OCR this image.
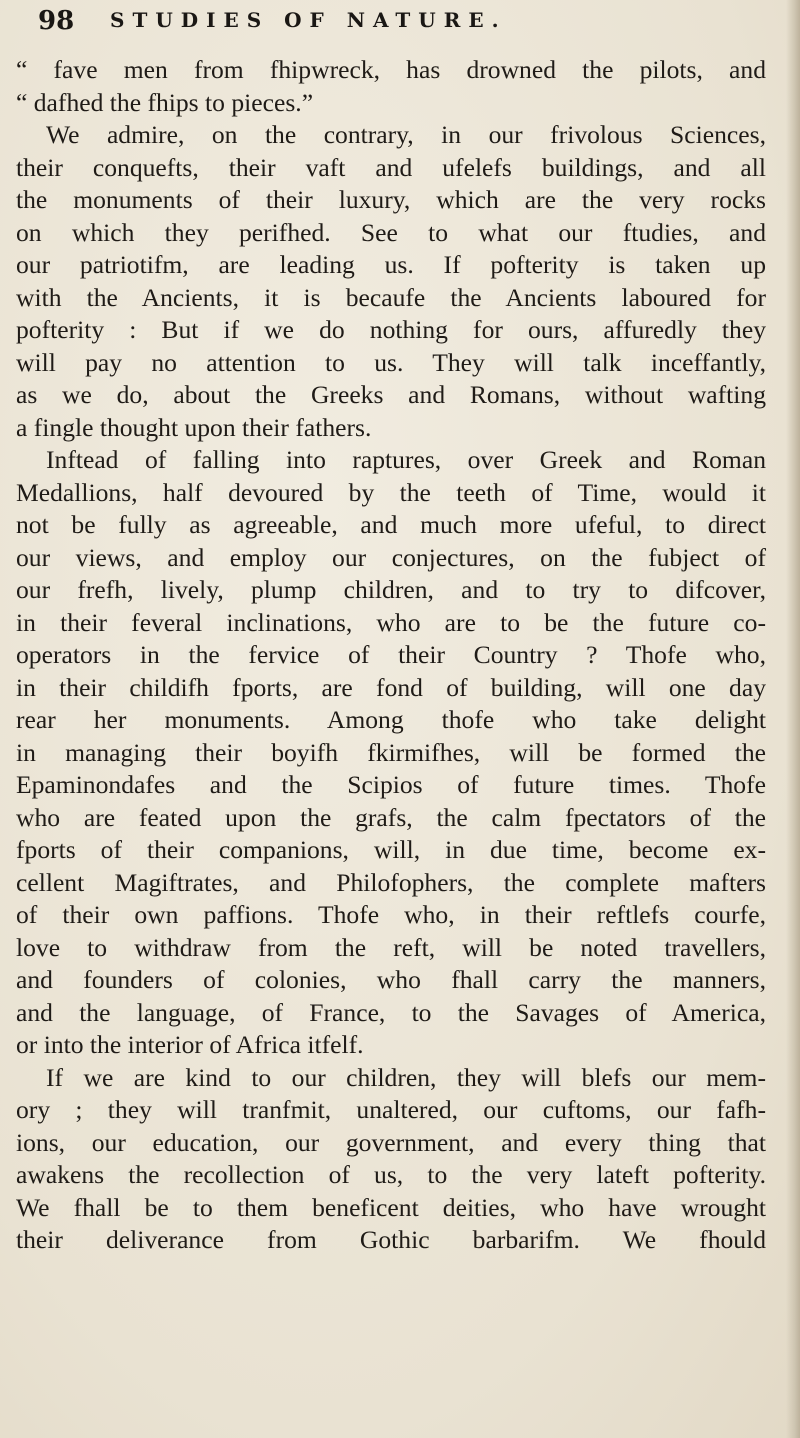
98 STUDIES OF NATURE.
“ fave men from fhipwreck, has drowned the pilots, and
“ dafhed the fhips to pieces.”
We admire, on the contrary, in our frivolous Sciences,
their conquefts, their vaft and ufelefs buildings, and all
the monuments of their luxury, which are the very rocks
on which they perifhed. See to what our ftudies, and
our patriotifm, are leading us. If pofterity is taken up
with the Ancients, it is becaufe the Ancients laboured for
pofterity : But if we do nothing for ours, affuredly they
will pay no attention to us. They will talk inceffantly,
as we do, about the Greeks and Romans, without wafting
a fingle thought upon their fathers.
Inftead of falling into raptures, over Greek and Roman
Medallions, half devoured by the teeth of Time, would it
not be fully as agreeable, and much more ufeful, to direct
our views, and employ our conjectures, on the fubject of
our frefh, lively, plump children, and to try to difcover,
in their feveral inclinations, who are to be the future co-
operators in the fervice of their Country ? Thofe who,
in their childifh fports, are fond of building, will one day
rear her monuments. Among thofe who take delight
in managing their boyifh fkirmifhes, will be formed the
Epaminondafes and the Scipios of future times. Thofe
who are feated upon the grafs, the calm fpectators of the
fports of their companions, will, in due time, become ex-
cellent Magiftrates, and Philofophers, the complete mafters
of their own paffions. Thofe who, in their reftlefs courfe,
love to withdraw from the reft, will be noted travellers,
and founders of colonies, who fhall carry the manners,
and the language, of France, to the Savages of America,
or into the interior of Africa itfelf.
If we are kind to our children, they will blefs our mem-
ory ; they will tranfmit, unaltered, our cuftoms, our fafh-
ions, our education, our government, and every thing that
awakens the recollection of us, to the very lateft pofterity.
We fhall be to them beneficent deities, who have wrought
their deliverance from Gothic barbarifm. We fhould
